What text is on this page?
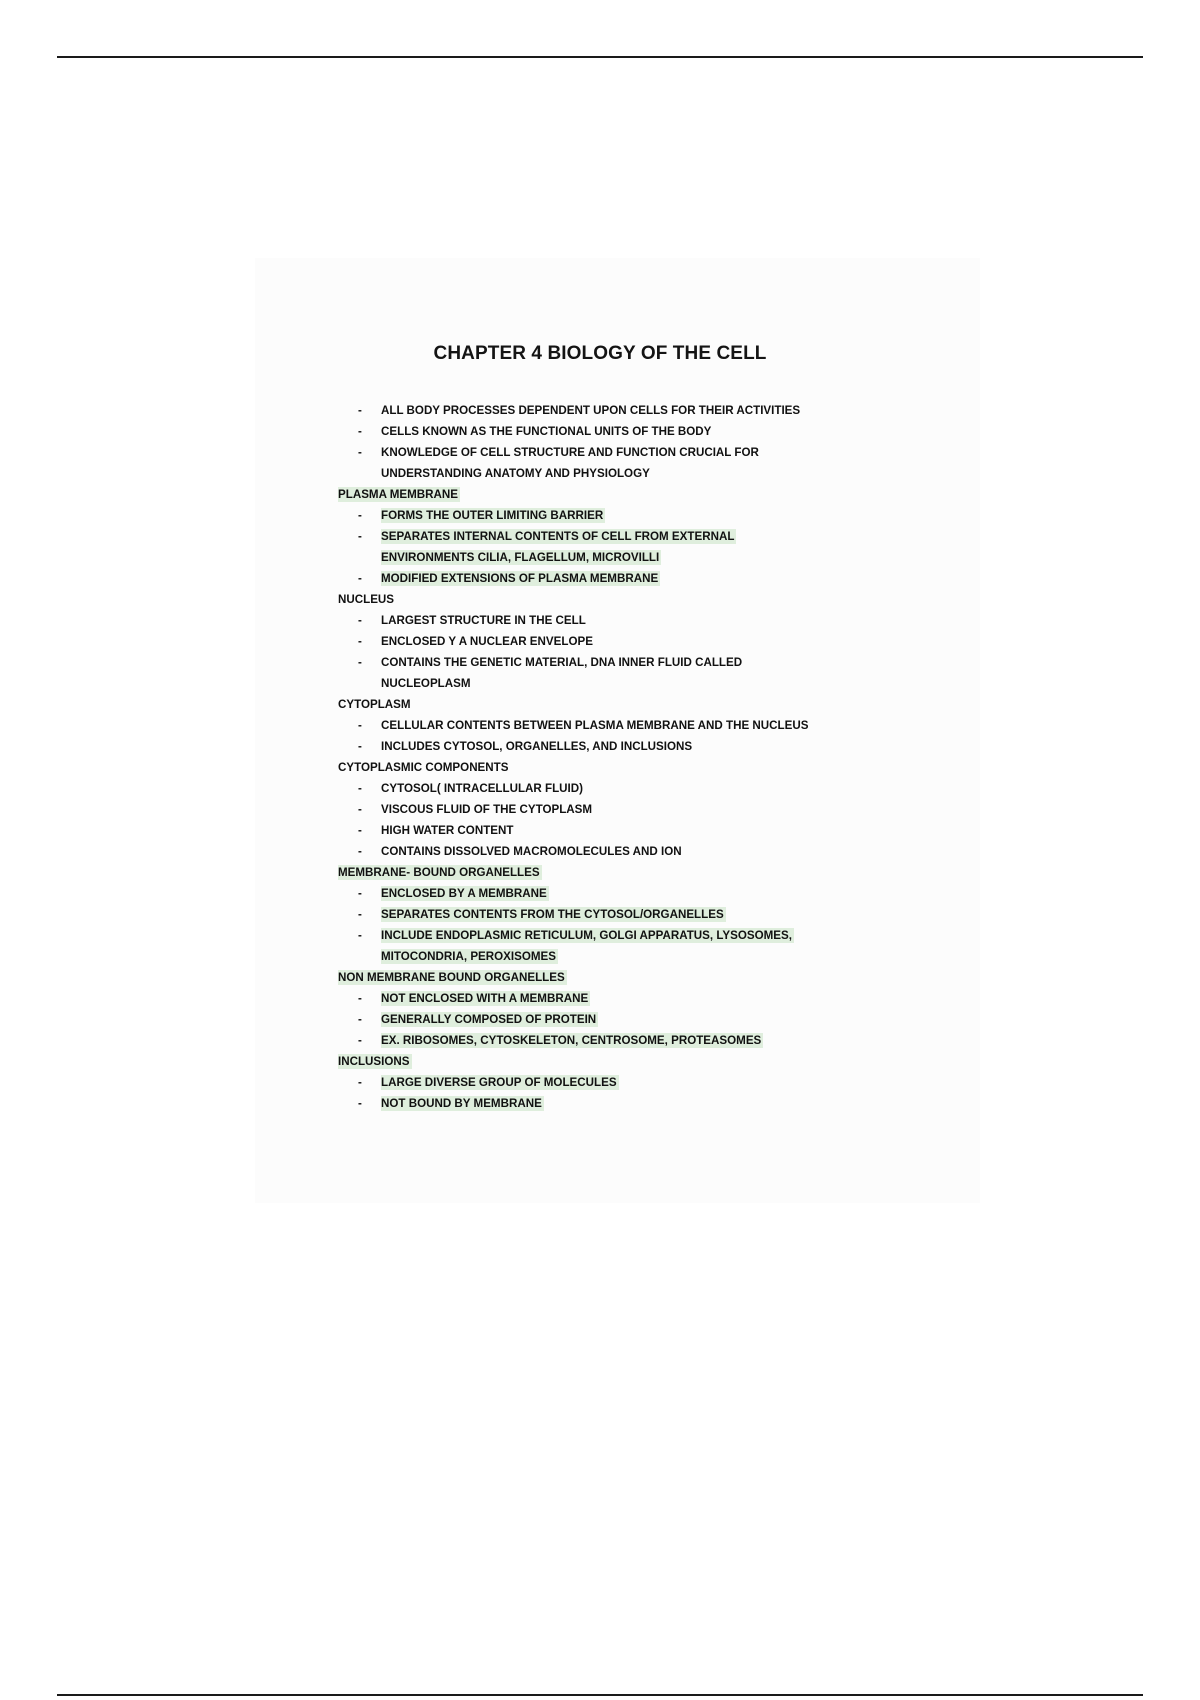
CHAPTER 4 BIOLOGY OF THE CELL
- ALL BODY PROCESSES DEPENDENT UPON CELLS FOR THEIR ACTIVITIES
- CELLS KNOWN AS THE FUNCTIONAL UNITS OF THE BODY
- KNOWLEDGE OF CELL STRUCTURE AND FUNCTION CRUCIAL FOR
UNDERSTANDING ANATOMY AND PHYSIOLOGY
PLASMA MEMBRANE
- FORMS THE OUTER LIMITING BARRIER
- SEPARATES INTERNAL CONTENTS OF CELL FROM EXTERNAL
ENVIRONMENTS CILIA, FLAGELLUM, MICROVILLI
- MODIFIED EXTENSIONS OF PLASMA MEMBRANE
NUCLEUS
- LARGEST STRUCTURE IN THE CELL
- ENCLOSED Y A NUCLEAR ENVELOPE
- CONTAINS THE GENETIC MATERIAL, DNA INNER FLUID CALLED
NUCLEOPLASM
CYTOPLASM
- CELLULAR CONTENTS BETWEEN PLASMA MEMBRANE AND THE NUCLEUS
- INCLUDES CYTOSOL, ORGANELLES, AND INCLUSIONS
CYTOPLASMIC COMPONENTS
- CYTOSOL( INTRACELLULAR FLUID)
- VISCOUS FLUID OF THE CYTOPLASM
- HIGH WATER CONTENT
- CONTAINS DISSOLVED MACROMOLECULES AND ION
MEMBRANE- BOUND ORGANELLES
- ENCLOSED BY A MEMBRANE
- SEPARATES CONTENTS FROM THE CYTOSOL/ORGANELLES
- INCLUDE ENDOPLASMIC RETICULUM, GOLGI APPARATUS, LYSOSOMES,
MITOCONDRIA, PEROXISOMES
NON MEMBRANE BOUND ORGANELLES
- NOT ENCLOSED WITH A MEMBRANE
- GENERALLY COMPOSED OF PROTEIN
- EX. RIBOSOMES, CYTOSKELETON, CENTROSOME, PROTEASOMES
INCLUSIONS
- LARGE DIVERSE GROUP OF MOLECULES
- NOT BOUND BY MEMBRANE
